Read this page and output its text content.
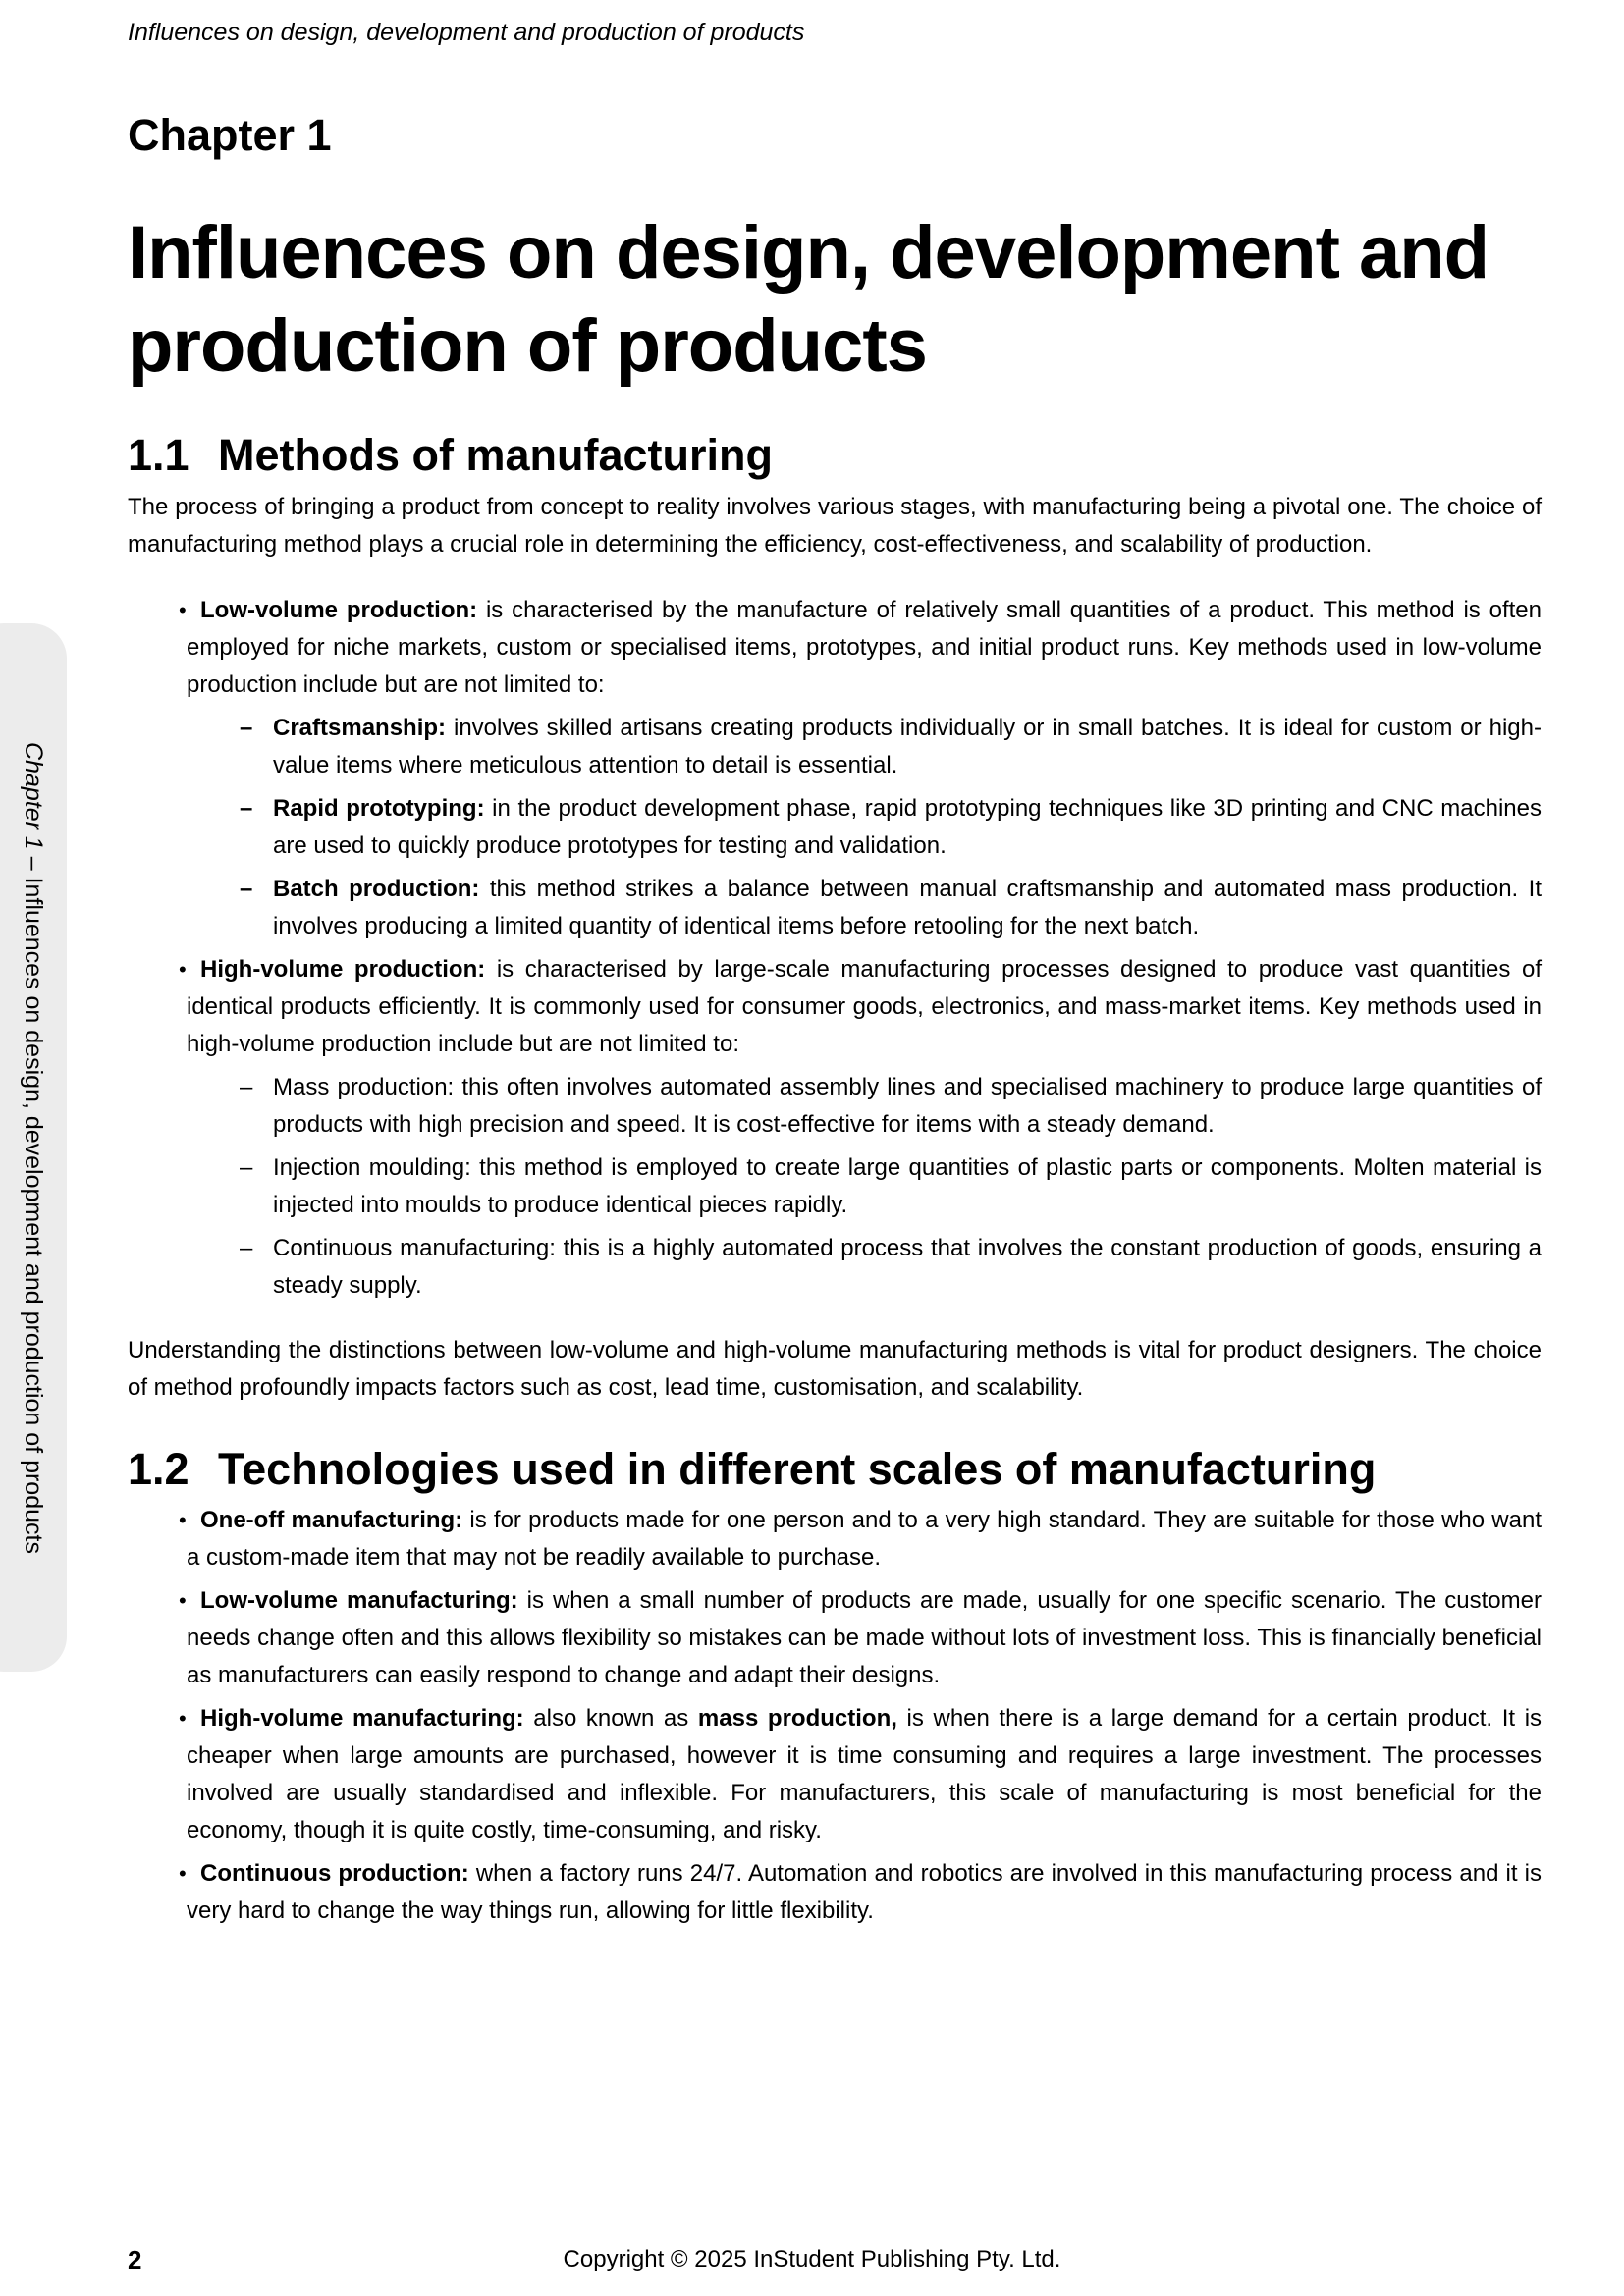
Chapter 1 – Influences on design, development and production of products
Influences on design, development and production of products
Chapter 1
Influences on design, development and production of products
1.1 Methods of manufacturing

The process of bringing a product from concept to reality involves various stages, with manufacturing being a pivotal one. The choice of manufacturing method plays a crucial role in determining the efficiency, cost-effectiveness, and scalability of production.

• Low-volume production: is characterised by the manufacture of relatively small quantities of a product. This method is often employed for niche markets, custom or specialised items, prototypes, and initial product runs. Key methods used in low-volume production include but are not limited to:
– Craftsmanship: involves skilled artisans creating products individually or in small batches. It is ideal for custom or high-value items where meticulous attention to detail is essential.
– Rapid prototyping: in the product development phase, rapid prototyping techniques like 3D printing and CNC machines are used to quickly produce prototypes for testing and validation.
– Batch production: this method strikes a balance between manual craftsmanship and automated mass production. It involves producing a limited quantity of identical items before retooling for the next batch.
• High-volume production: is characterised by large-scale manufacturing processes designed to produce vast quantities of identical products efficiently. It is commonly used for consumer goods, electronics, and mass-market items. Key methods used in high-volume production include but are not limited to:
– Mass production: this often involves automated assembly lines and specialised machinery to produce large quantities of products with high precision and speed. It is cost-effective for items with a steady demand.
– Injection moulding: this method is employed to create large quantities of plastic parts or components. Molten material is injected into moulds to produce identical pieces rapidly.
– Continuous manufacturing: this is a highly automated process that involves the constant production of goods, ensuring a steady supply.

Understanding the distinctions between low-volume and high-volume manufacturing methods is vital for product designers. The choice of method profoundly impacts factors such as cost, lead time, customisation, and scalability.

1.2 Technologies used in different scales of manufacturing
• One-off manufacturing: is for products made for one person and to a very high standard. They are suitable for those who want a custom-made item that may not be readily available to purchase.
• Low-volume manufacturing: is when a small number of products are made, usually for one specific scenario. The customer needs change often and this allows flexibility so mistakes can be made without lots of investment loss. This is financially beneficial as manufacturers can easily respond to change and adapt their designs.
• High-volume manufacturing: also known as mass production, is when there is a large demand for a certain product. It is cheaper when large amounts are purchased, however it is time consuming and requires a large investment. The processes involved are usually standardised and inflexible. For manufacturers, this scale of manufacturing is most beneficial for the economy, though it is quite costly, time-consuming, and risky.
• Continuous production: when a factory runs 24/7. Automation and robotics are involved in this manufacturing process and it is very hard to change the way things run, allowing for little flexibility.
2	Copyright © 2025 InStudent Publishing Pty. Ltd.
